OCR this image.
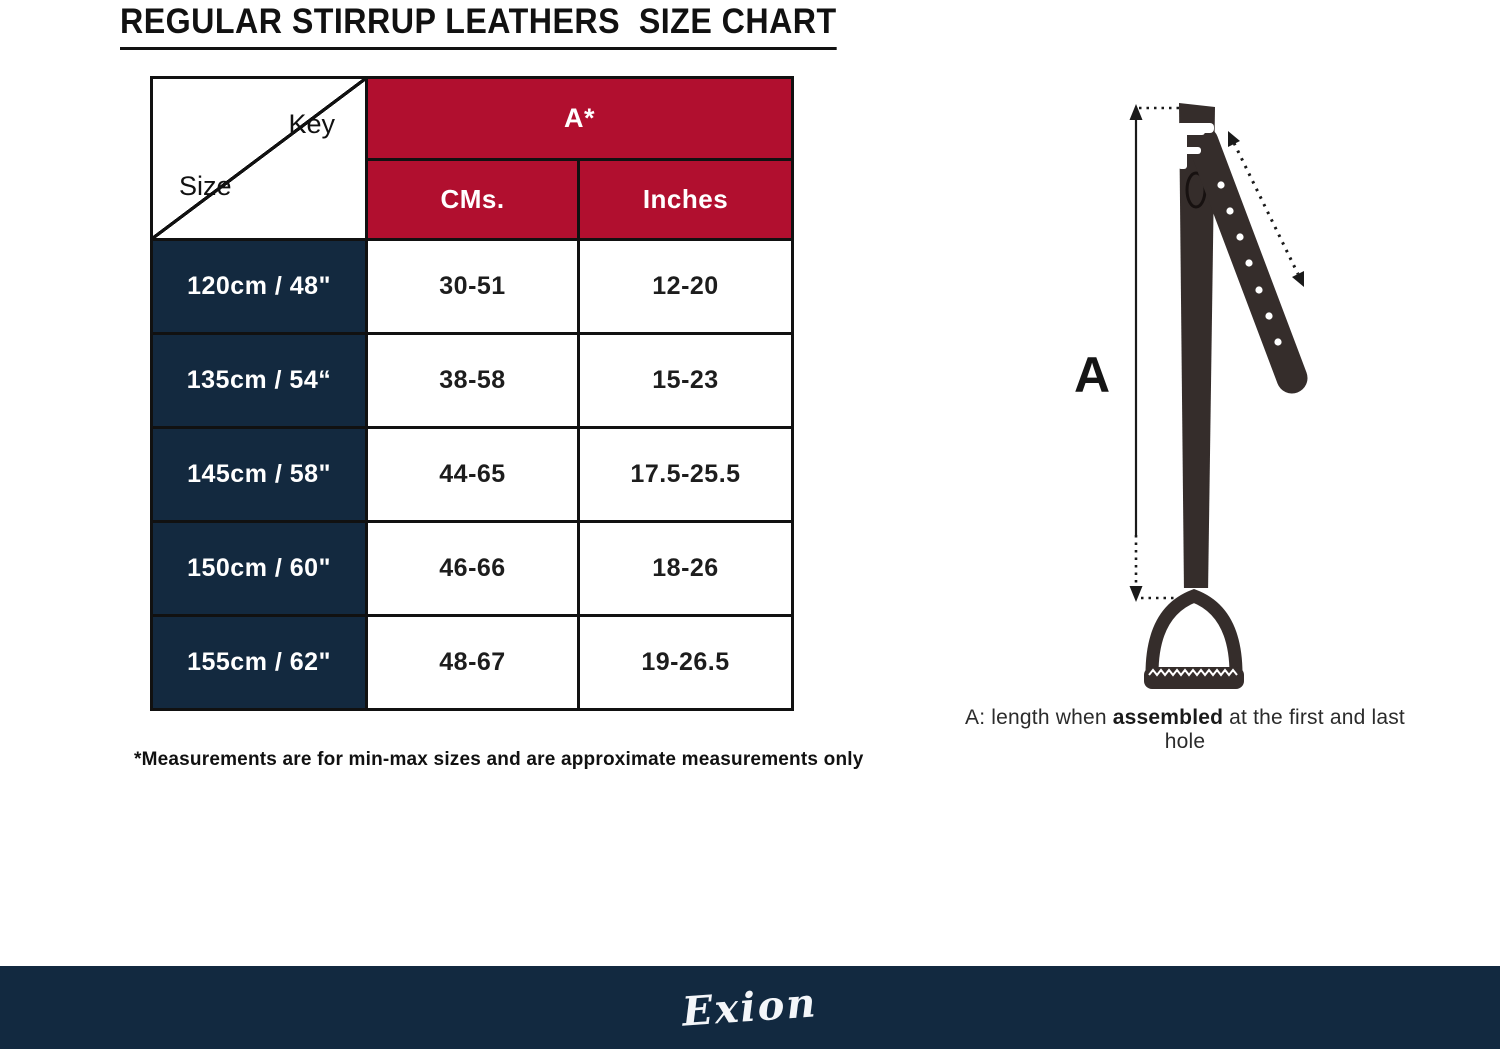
REGULAR STIRRUP LEATHERS  SIZE CHART
Key
Size
A*
CMs.	Inches
120cm / 48"	30-51	12-20
135cm / 54“	38-58	15-23
145cm / 58"	44-65	17.5-25.5
150cm / 60"	46-66	18-26
155cm / 62"	48-67	19-26.5
*Measurements are for min-max sizes and are approximate measurements only
A
A: length when assembled at the first and last hole
Exion
